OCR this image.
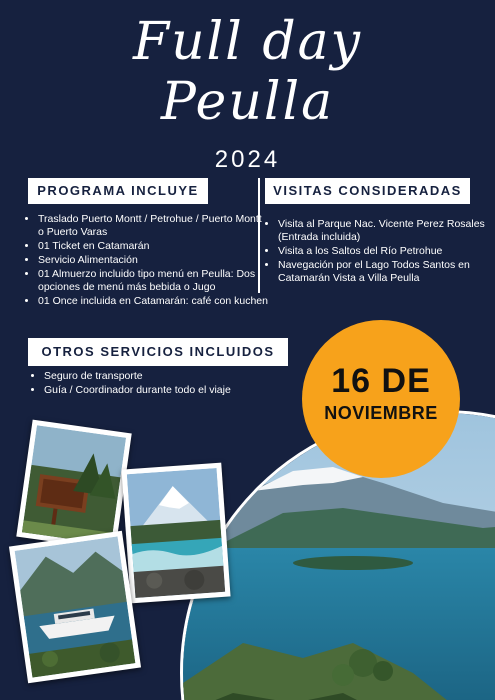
Full day
Peulla
2024
PROGRAMA INCLUYE	VISITAS CONSIDERADAS
• Traslado Puerto Montt / Petrohue / Puerto Montt o Puerto Varas
• 01 Ticket en Catamarán
• Servicio Alimentación
• 01 Almuerzo incluido tipo menú en Peulla: Dos opciones de menú más bebida o Jugo
• 01 Once incluida en Catamarán: café con kuchen
• Visita al Parque Nac. Vicente Perez Rosales (Entrada incluida)
• Visita a los Saltos del Río Petrohue
• Navegación por el Lago Todos Santos en Catamarán Vista a Villa Peulla
OTROS SERVICIOS INCLUIDOS
• Seguro de transporte
• Guía / Coordinador durante todo el viaje	16 DE
NOVIEMBRE
